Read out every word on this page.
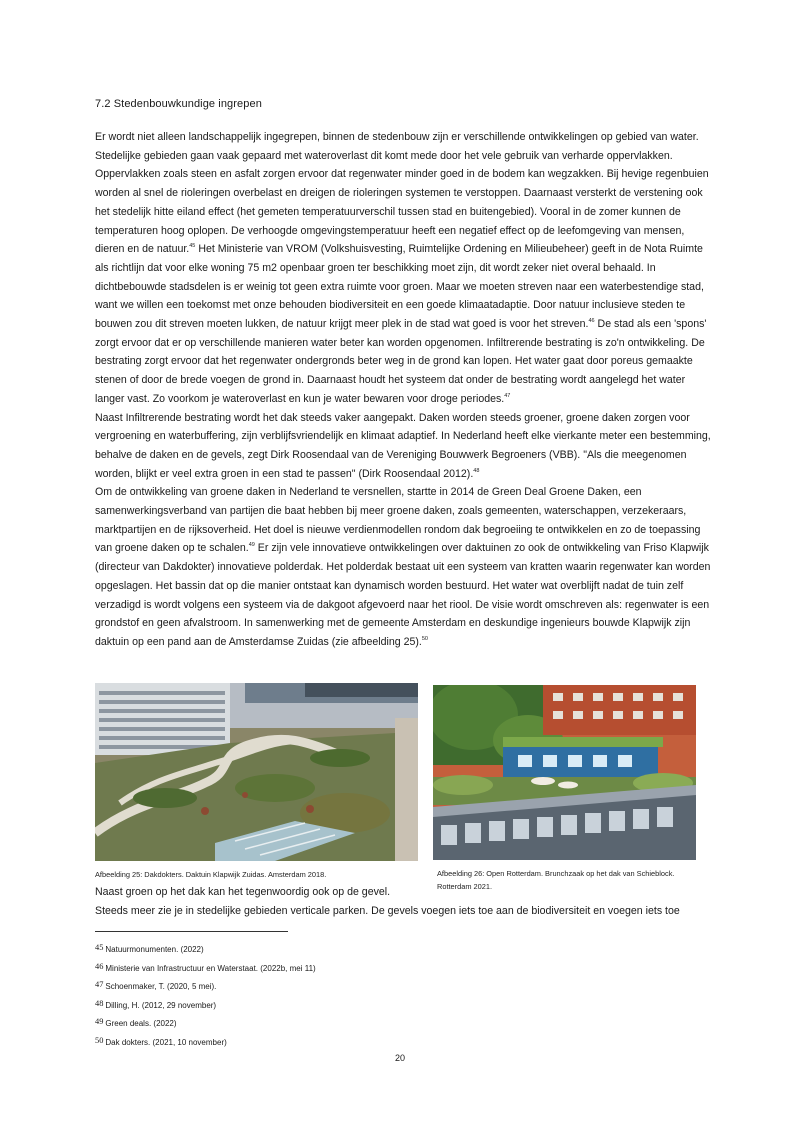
7.2 Stedenbouwkundige ingrepen

Er wordt niet alleen landschappelijk ingegrepen, binnen de stedenbouw zijn er verschillende ontwikkelingen op gebied van water. Stedelijke gebieden gaan vaak gepaard met wateroverlast dit komt mede door het vele gebruik van verharde oppervlakken. Oppervlakken zoals steen en asfalt zorgen ervoor dat regenwater minder goed in de bodem kan wegzakken. Bij hevige regenbuien worden al snel de rioleringen overbelast en dreigen de rioleringen systemen te verstoppen. Daarnaast versterkt de verstening ook het stedelijk hitte eiland effect (het gemeten temperatuurverschil tussen stad en buitengebied). Vooral in de zomer kunnen de temperaturen hoog oplopen. De verhoogde omgevingstemperatuur heeft een negatief effect op de leefomgeving van mensen, dieren en de natuur.$^{45}$ Het Ministerie van VROM (Volkshuisvesting, Ruimtelijke Ordening en Milieubeheer) geeft in de Nota Ruimte als richtlijn dat voor elke woning 75 m2 openbaar groen ter beschikking moet zijn, dit wordt zeker niet overal behaald. In dichtbebouwde stadsdelen is er weinig tot geen extra ruimte voor groen. Maar we moeten streven naar een waterbestendige stad, want we willen een toekomst met onze behouden biodiversiteit en een goede klimaatadaptie. Door natuur inclusieve steden te bouwen zou dit streven moeten lukken, de natuur krijgt meer plek in de stad wat goed is voor het streven.$^{46}$ De stad als een 'spons' zorgt ervoor dat er op verschillende manieren water beter kan worden opgenomen. Infiltrerende bestrating is zo'n ontwikkeling. De bestrating zorgt ervoor dat het regenwater ondergronds beter weg in de grond kan lopen. Het water gaat door poreus gemaakte stenen of door de brede voegen de grond in. Daarnaast houdt het systeem dat onder de bestrating wordt aangelegd het water langer vast. Zo voorkom je wateroverlast en kun je water bewaren voor droge periodes.$^{47}$

Naast Infiltrerende bestrating wordt het dak steeds vaker aangepakt. Daken worden steeds groener, groene daken zorgen voor vergroening en waterbuffering, zijn verblijfsvriendelijk en klimaat adaptief. In Nederland heeft elke vierkante meter een bestemming, behalve de daken en de gevels, zegt Dirk Roosendaal van de Vereniging Bouwwerk Begroeners (VBB). "Als die meegenomen worden, blijkt er veel extra groen in een stad te passen" (Dirk Roosendaal 2012).$^{48}$

Om de ontwikkeling van groene daken in Nederland te versnellen, startte in 2014 de Green Deal Groene Daken, een samenwerkingsverband van partijen die baat hebben bij meer groene daken, zoals gemeenten, waterschappen, verzekeraars, marktpartijen en de rijksoverheid. Het doel is nieuwe verdienmodellen rondom dak begroeiing te ontwikkelen en zo de toepassing van groene daken op te schalen.$^{49}$ Er zijn vele innovatieve ontwikkelingen over daktuinen zo ook de ontwikkeling van Friso Klapwijk (directeur van Dakdokter) innovatieve polderdak. Het polderdak bestaat uit een systeem van kratten waarin regenwater kan worden opgeslagen. Het bassin dat op die manier ontstaat kan dynamisch worden bestuurd. Het water wat overblijft nadat de tuin zelf verzadigd is wordt volgens een systeem via de dakgoot afgevoerd naar het riool. De visie wordt omschreven als: regenwater is een grondstof en geen afvalstroom. In samenwerking met de gemeente Amsterdam en deskundige ingenieurs bouwde Klapwijk zijn daktuin op een pand aan de Amsterdamse Zuidas (zie afbeelding 25).$^{50}$

Afbeelding 25: Dakdokters. Daktuin Klapwijk Zuidas. Amsterdam 2018.	Afbeelding 26: Open Rotterdam. Brunchzaak op het dak van Schieblock. Rotterdam 2021.

Naast groen op het dak kan het tegenwoordig ook op de gevel.

Steeds meer zie je in stedelijke gebieden verticale parken. De gevels voegen iets toe aan de biodiversiteit en voegen iets toe

45 Natuurmonumenten. (2022)
46 Ministerie van Infrastructuur en Waterstaat. (2022b, mei 11)
47 Schoenmaker, T. (2020, 5 mei).
48 Dilling, H. (2012, 29 november)
49 Green deals. (2022)
50 Dak dokters. (2021, 10 november)
20
